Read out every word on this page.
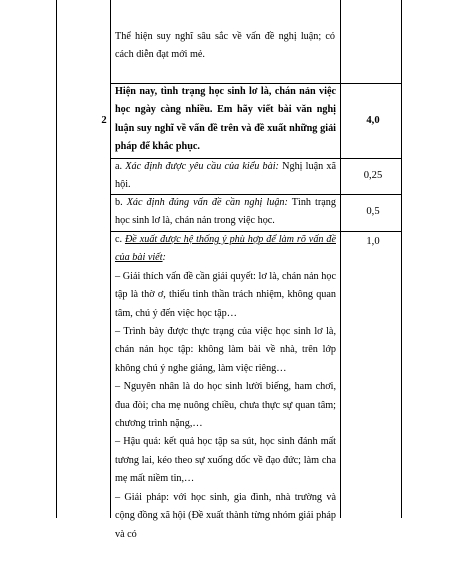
Thể hiện suy nghĩ sâu sắc về vấn đề nghị luận; có cách diễn đạt mới mẻ.
2
Hiện nay, tình trạng học sinh lơ là, chán nản việc học ngày càng nhiều. Em hãy viết bài văn nghị luận suy nghĩ về vấn đề trên và đề xuất những giải pháp để khắc phục.
4,0
a. Xác định được yêu cầu của kiểu bài: Nghị luận xã hội.
0,25
b. Xác định đúng vấn đề cần nghị luận: Tình trạng học sinh lơ là, chán nản trong việc học.
0,5
c. Đề xuất được hệ thống ý phù hợp để làm rõ vấn đề của bài viết:
– Giải thích vấn đề cần giải quyết: lơ là, chán nản học tập là thờ ơ, thiếu tinh thần trách nhiệm, không quan tâm, chú ý đến việc học tập…
– Trình bày được thực trạng của việc học sinh lơ là, chán nản học tập: không làm bài về nhà, trên lớp không chú ý nghe giảng, làm việc riêng…
– Nguyên nhân là do học sinh lười biếng, ham chơi, đua đòi; cha mẹ nuông chiều, chưa thực sự quan tâm; chương trình nặng,…
– Hậu quả: kết quả học tập sa sút, học sinh đánh mất tương lai, kéo theo sự xuống dốc về đạo đức; làm cha mẹ mất niềm tin,…
– Giải pháp: với học sinh, gia đình, nhà trường và cộng đồng xã hội (Đề xuất thành từng nhóm giải pháp và có
1,0
